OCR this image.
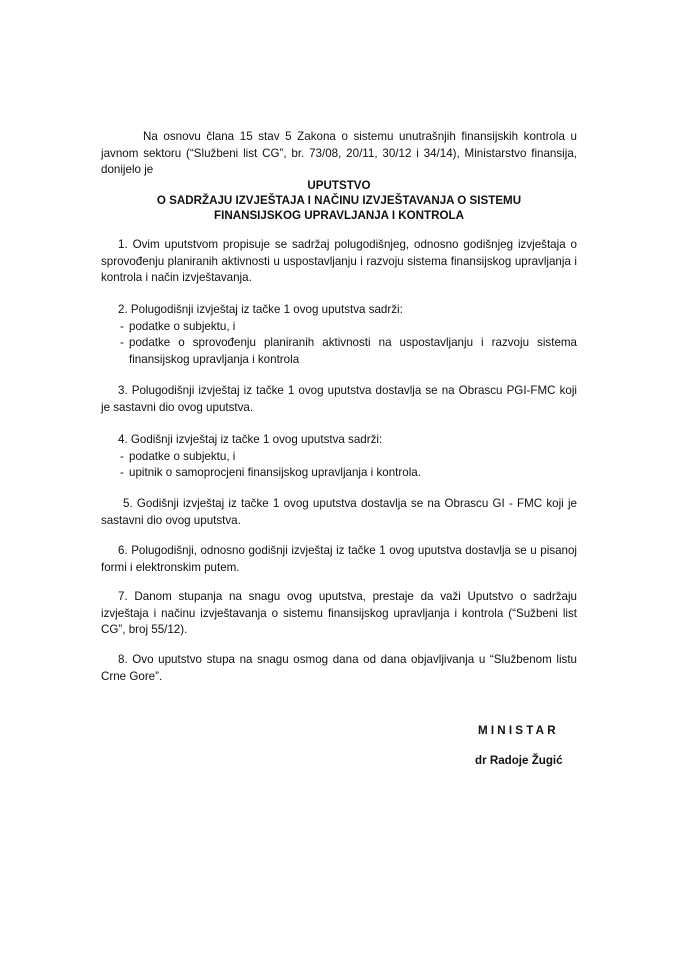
Na osnovu člana 15 stav 5 Zakona o sistemu unutrašnjih finansijskih kontrola u javnom sektoru (“Službeni list CG”, br. 73/08, 20/11, 30/12 i 34/14), Ministarstvo finansija, donijelo je
UPUTSTVO
O SADRŽAJU IZVJEŠTAJA I NAČINU IZVJEŠTAVANJA O SISTEMU
FINANSIJSKOG UPRAVLJANJA I KONTROLA
1. Ovim uputstvom propisuje se sadržaj polugodišnjeg, odnosno godišnjeg izvještaja o sprovođenju planiranih aktivnosti u uspostavljanju i razvoju sistema finansijskog upravljanja i kontrola i način izvještavanja.
2. Polugodišnji izvještaj iz tačke 1 ovog uputstva sadrži:
- podatke o subjektu, i
- podatke o sprovođenju planiranih aktivnosti na uspostavljanju i razvoju sistema finansijskog upravljanja i kontrola
3. Polugodišnji izvještaj iz tačke 1 ovog uputstva dostavlja se na Obrascu PGI-FMC koji je sastavni dio ovog uputstva.
4. Godišnji izvještaj iz tačke 1 ovog uputstva sadrži:
- podatke o subjektu, i
- upitnik o samoprocjeni finansijskog upravljanja i kontrola.
5. Godišnji izvještaj iz tačke 1 ovog uputstva dostavlja se na Obrascu GI - FMC koji je sastavni dio ovog uputstva.
6. Polugodišnji, odnosno godišnji izvještaj iz tačke 1 ovog uputstva dostavlja se u pisanoj formi i elektronskim putem.
7. Danom stupanja na snagu ovog uputstva, prestaje da važi Uputstvo o sadržaju izvještaja i načinu izvještavanja o sistemu finansijskog upravljanja i kontrola (“Sužbeni list CG”, broj 55/12).
8. Ovo uputstvo stupa na snagu osmog dana od dana objavljivanja u “Službenom listu Crne Gore”.
MINISTAR
dr Radoje Žugić
